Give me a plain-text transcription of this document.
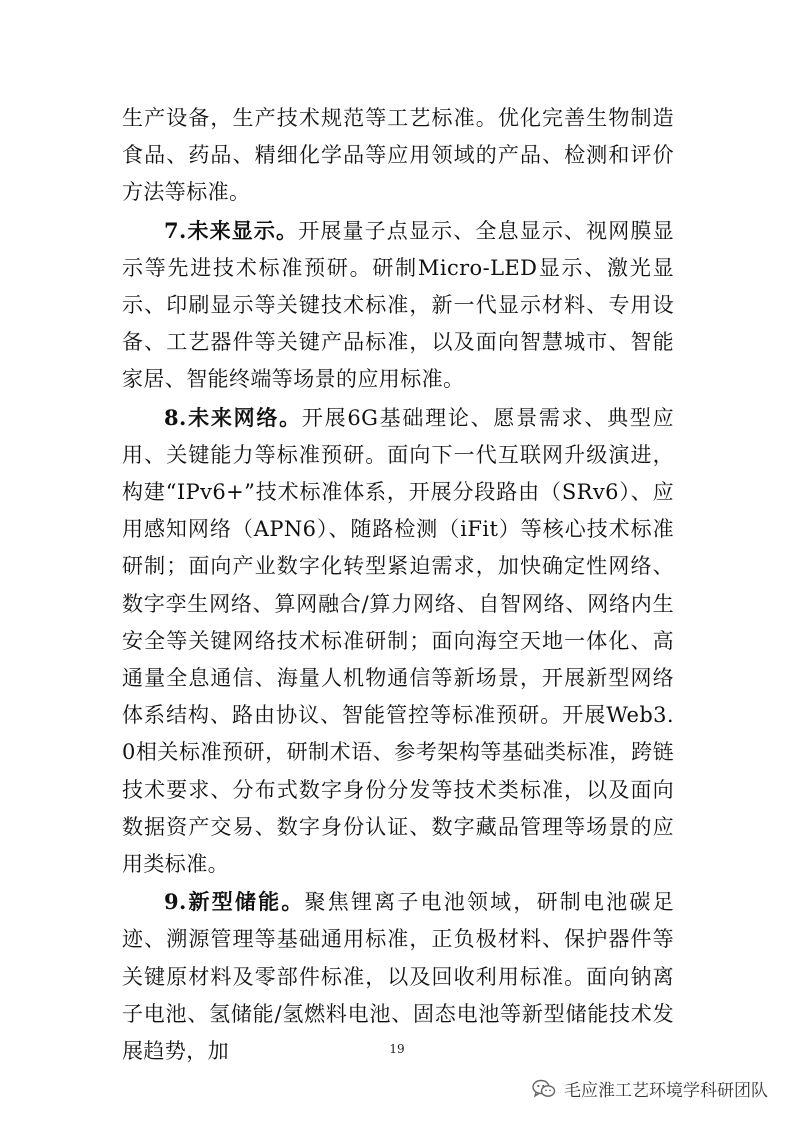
生产设备，生产技术规范等工艺标准。优化完善生物制造食品、药品、精细化学品等应用领域的产品、检测和评价方法等标准。

7.未来显示。开展量子点显示、全息显示、视网膜显示等先进技术标准预研。研制Micro-LED显示、激光显示、印刷显示等关键技术标准，新一代显示材料、专用设备、工艺器件等关键产品标准，以及面向智慧城市、智能家居、智能终端等场景的应用标准。

8.未来网络。开展6G基础理论、愿景需求、典型应用、关键能力等标准预研。面向下一代互联网升级演进，构建“IPv6+”技术标准体系，开展分段路由（SRv6）、应用感知网络（APN6）、随路检测（iFit）等核心技术标准研制；面向产业数字化转型紧迫需求，加快确定性网络、数字孪生网络、算网融合/算力网络、自智网络、网络内生安全等关键网络技术标准研制；面向海空天地一体化、高通量全息通信、海量人机物通信等新场景，开展新型网络体系结构、路由协议、智能管控等标准预研。开展Web3.0相关标准预研，研制术语、参考架构等基础类标准，跨链技术要求、分布式数字身份分发等技术类标准，以及面向数据资产交易、数字身份认证、数字藏品管理等场景的应用类标准。

9.新型储能。聚焦锂离子电池领域，研制电池碳足迹、溯源管理等基础通用标准，正负极材料、保护器件等关键原材料及零部件标准，以及回收利用标准。面向钠离子电池、氢储能/氢燃料电池、固态电池等新型储能技术发展趋势，加	19
毛应淮工艺环境学科研团队
